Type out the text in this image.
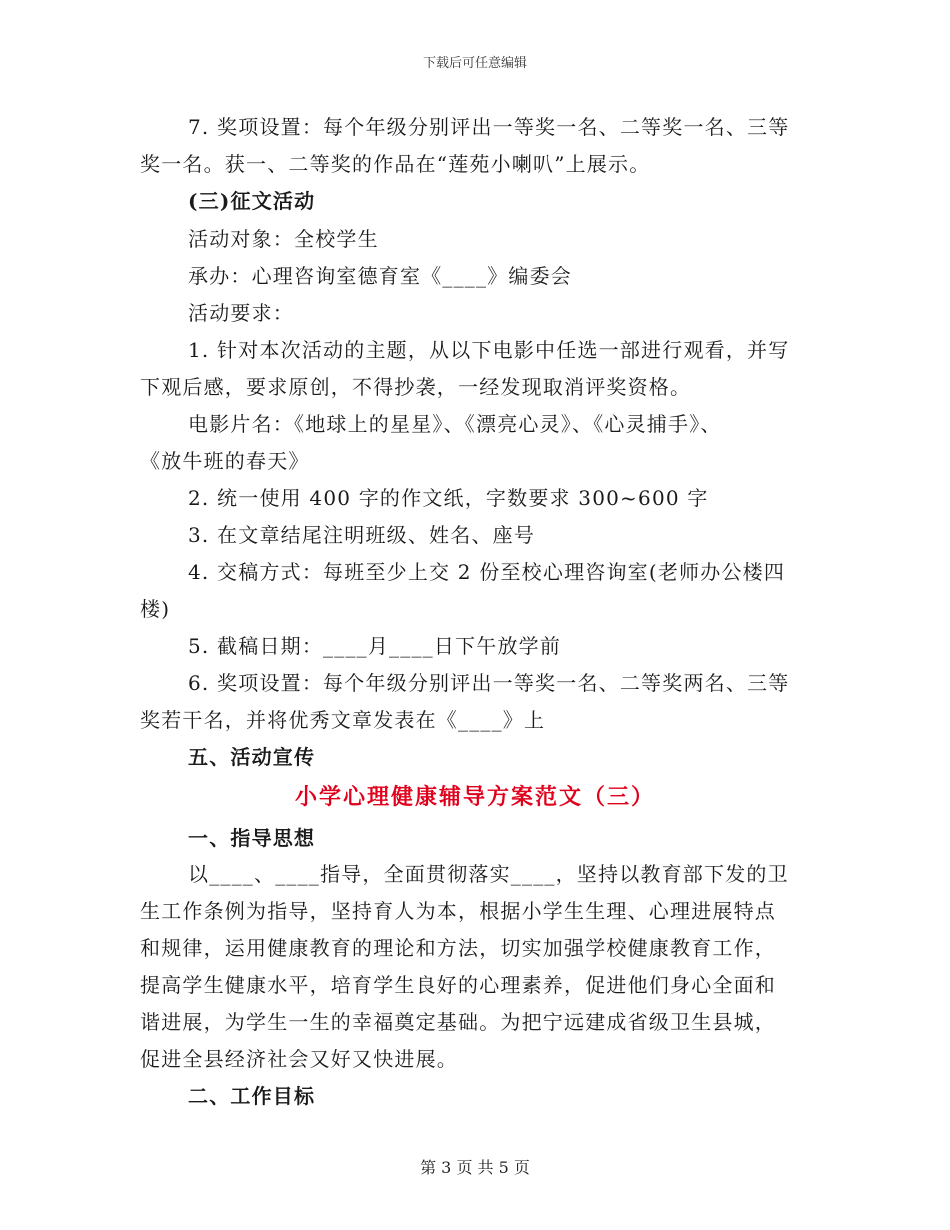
下载后可任意编辑
7. 奖项设置：每个年级分别评出一等奖一名、二等奖一名、三等
奖一名。获一、二等奖的作品在“莲苑小喇叭”上展示。
(三)征文活动
活动对象：全校学生
承办：心理咨询室德育室《____》编委会
活动要求：
1. 针对本次活动的主题，从以下电影中任选一部进行观看，并写
下观后感，要求原创，不得抄袭，一经发现取消评奖资格。
电影片名：《地球上的星星》、《漂亮心灵》、《心灵捕手》、
《放牛班的春天》
2. 统一使用 400 字的作文纸，字数要求 300~600 字
3. 在文章结尾注明班级、姓名、座号
4. 交稿方式：每班至少上交 2 份至校心理咨询室(老师办公楼四
楼)
5. 截稿日期：____月____日下午放学前
6. 奖项设置：每个年级分别评出一等奖一名、二等奖两名、三等
奖若干名，并将优秀文章发表在《____》上
五、活动宣传
小学心理健康辅导方案范文（三）
一、指导思想
以____、____指导，全面贯彻落实____，坚持以教育部下发的卫
生工作条例为指导，坚持育人为本，根据小学生生理、心理进展特点
和规律，运用健康教育的理论和方法，切实加强学校健康教育工作，
提高学生健康水平，培育学生良好的心理素养，促进他们身心全面和
谐进展，为学生一生的幸福奠定基础。为把宁远建成省级卫生县城，
促进全县经济社会又好又快进展。
二、工作目标
第 3 页 共 5 页
